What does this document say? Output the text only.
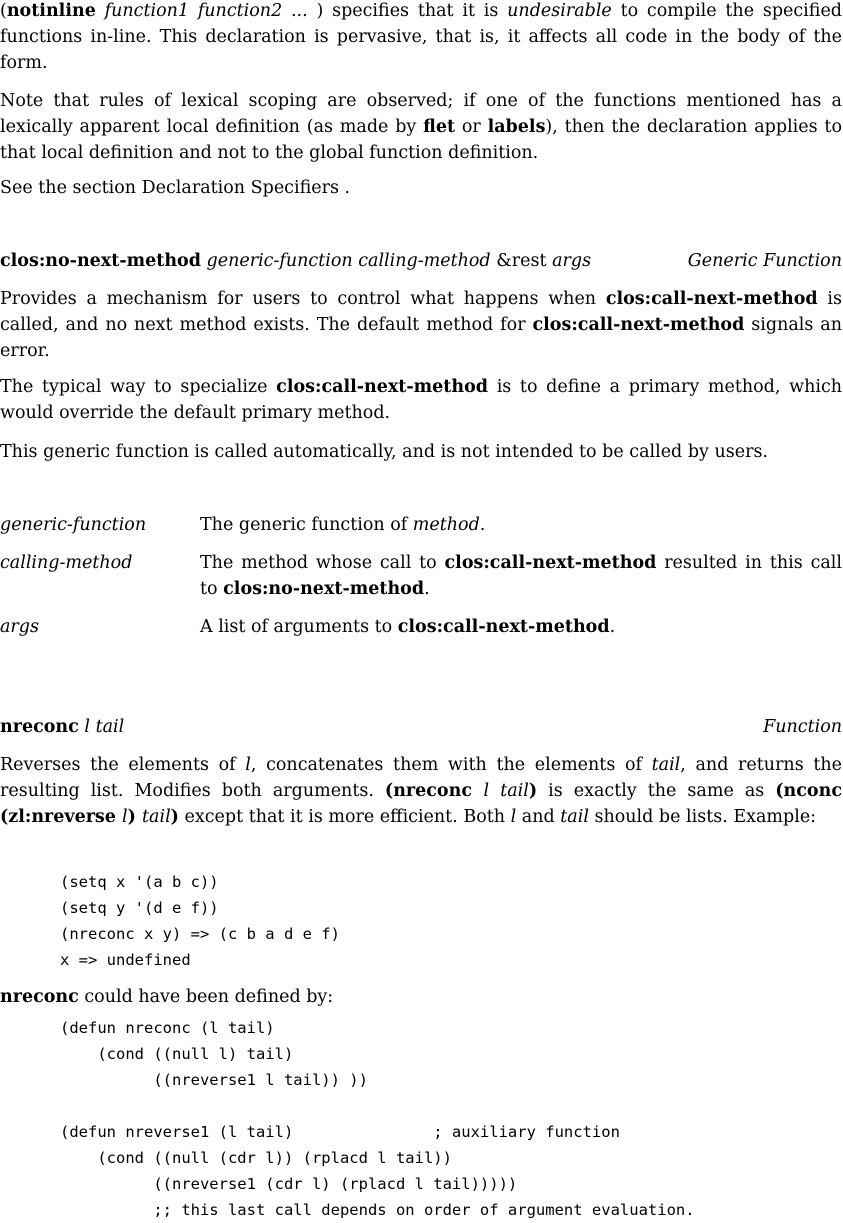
(notinline function1 function2 ... ) specifies that it is undesirable to compile the specified functions in-line. This declaration is pervasive, that is, it affects all code in the body of the form.

Note that rules of lexical scoping are observed; if one of the functions mentioned has a lexically apparent local definition (as made by flet or labels), then the declaration applies to that local definition and not to the global function definition.

See the section Declaration Specifiers .

clos:no-next-method generic-function calling-method &rest args	Generic Function

Provides a mechanism for users to control what happens when clos:call-next-method is called, and no next method exists. The default method for clos:call-next-method signals an error.

The typical way to specialize clos:call-next-method is to define a primary method, which would override the default primary method.

This generic function is called automatically, and is not intended to be called by users.

generic-function	The generic function of method.
calling-method	The method whose call to clos:call-next-method resulted in this call to clos:no-next-method.
args	A list of arguments to clos:call-next-method.
nreconc l tail	Function

Reverses the elements of l, concatenates them with the elements of tail, and returns the resulting list. Modifies both arguments. (nreconc l tail) is exactly the same as (nconc (zl:nreverse l) tail) except that it is more efficient. Both l and tail should be lists. Example:

(setq x '(a b c))
(setq y '(d e f))
(nreconc x y) => (c b a d e f)
x => undefined

nreconc could have been defined by:

(defun nreconc (l tail)
(cond ((null l) tail)
((nreverse1 l tail)) ))

(defun nreverse1 (l tail)               ; auxiliary function
(cond ((null (cdr l)) (rplacd l tail))
((nreverse1 (cdr l) (rplacd l tail)))))
;; this last call depends on order of argument evaluation.
